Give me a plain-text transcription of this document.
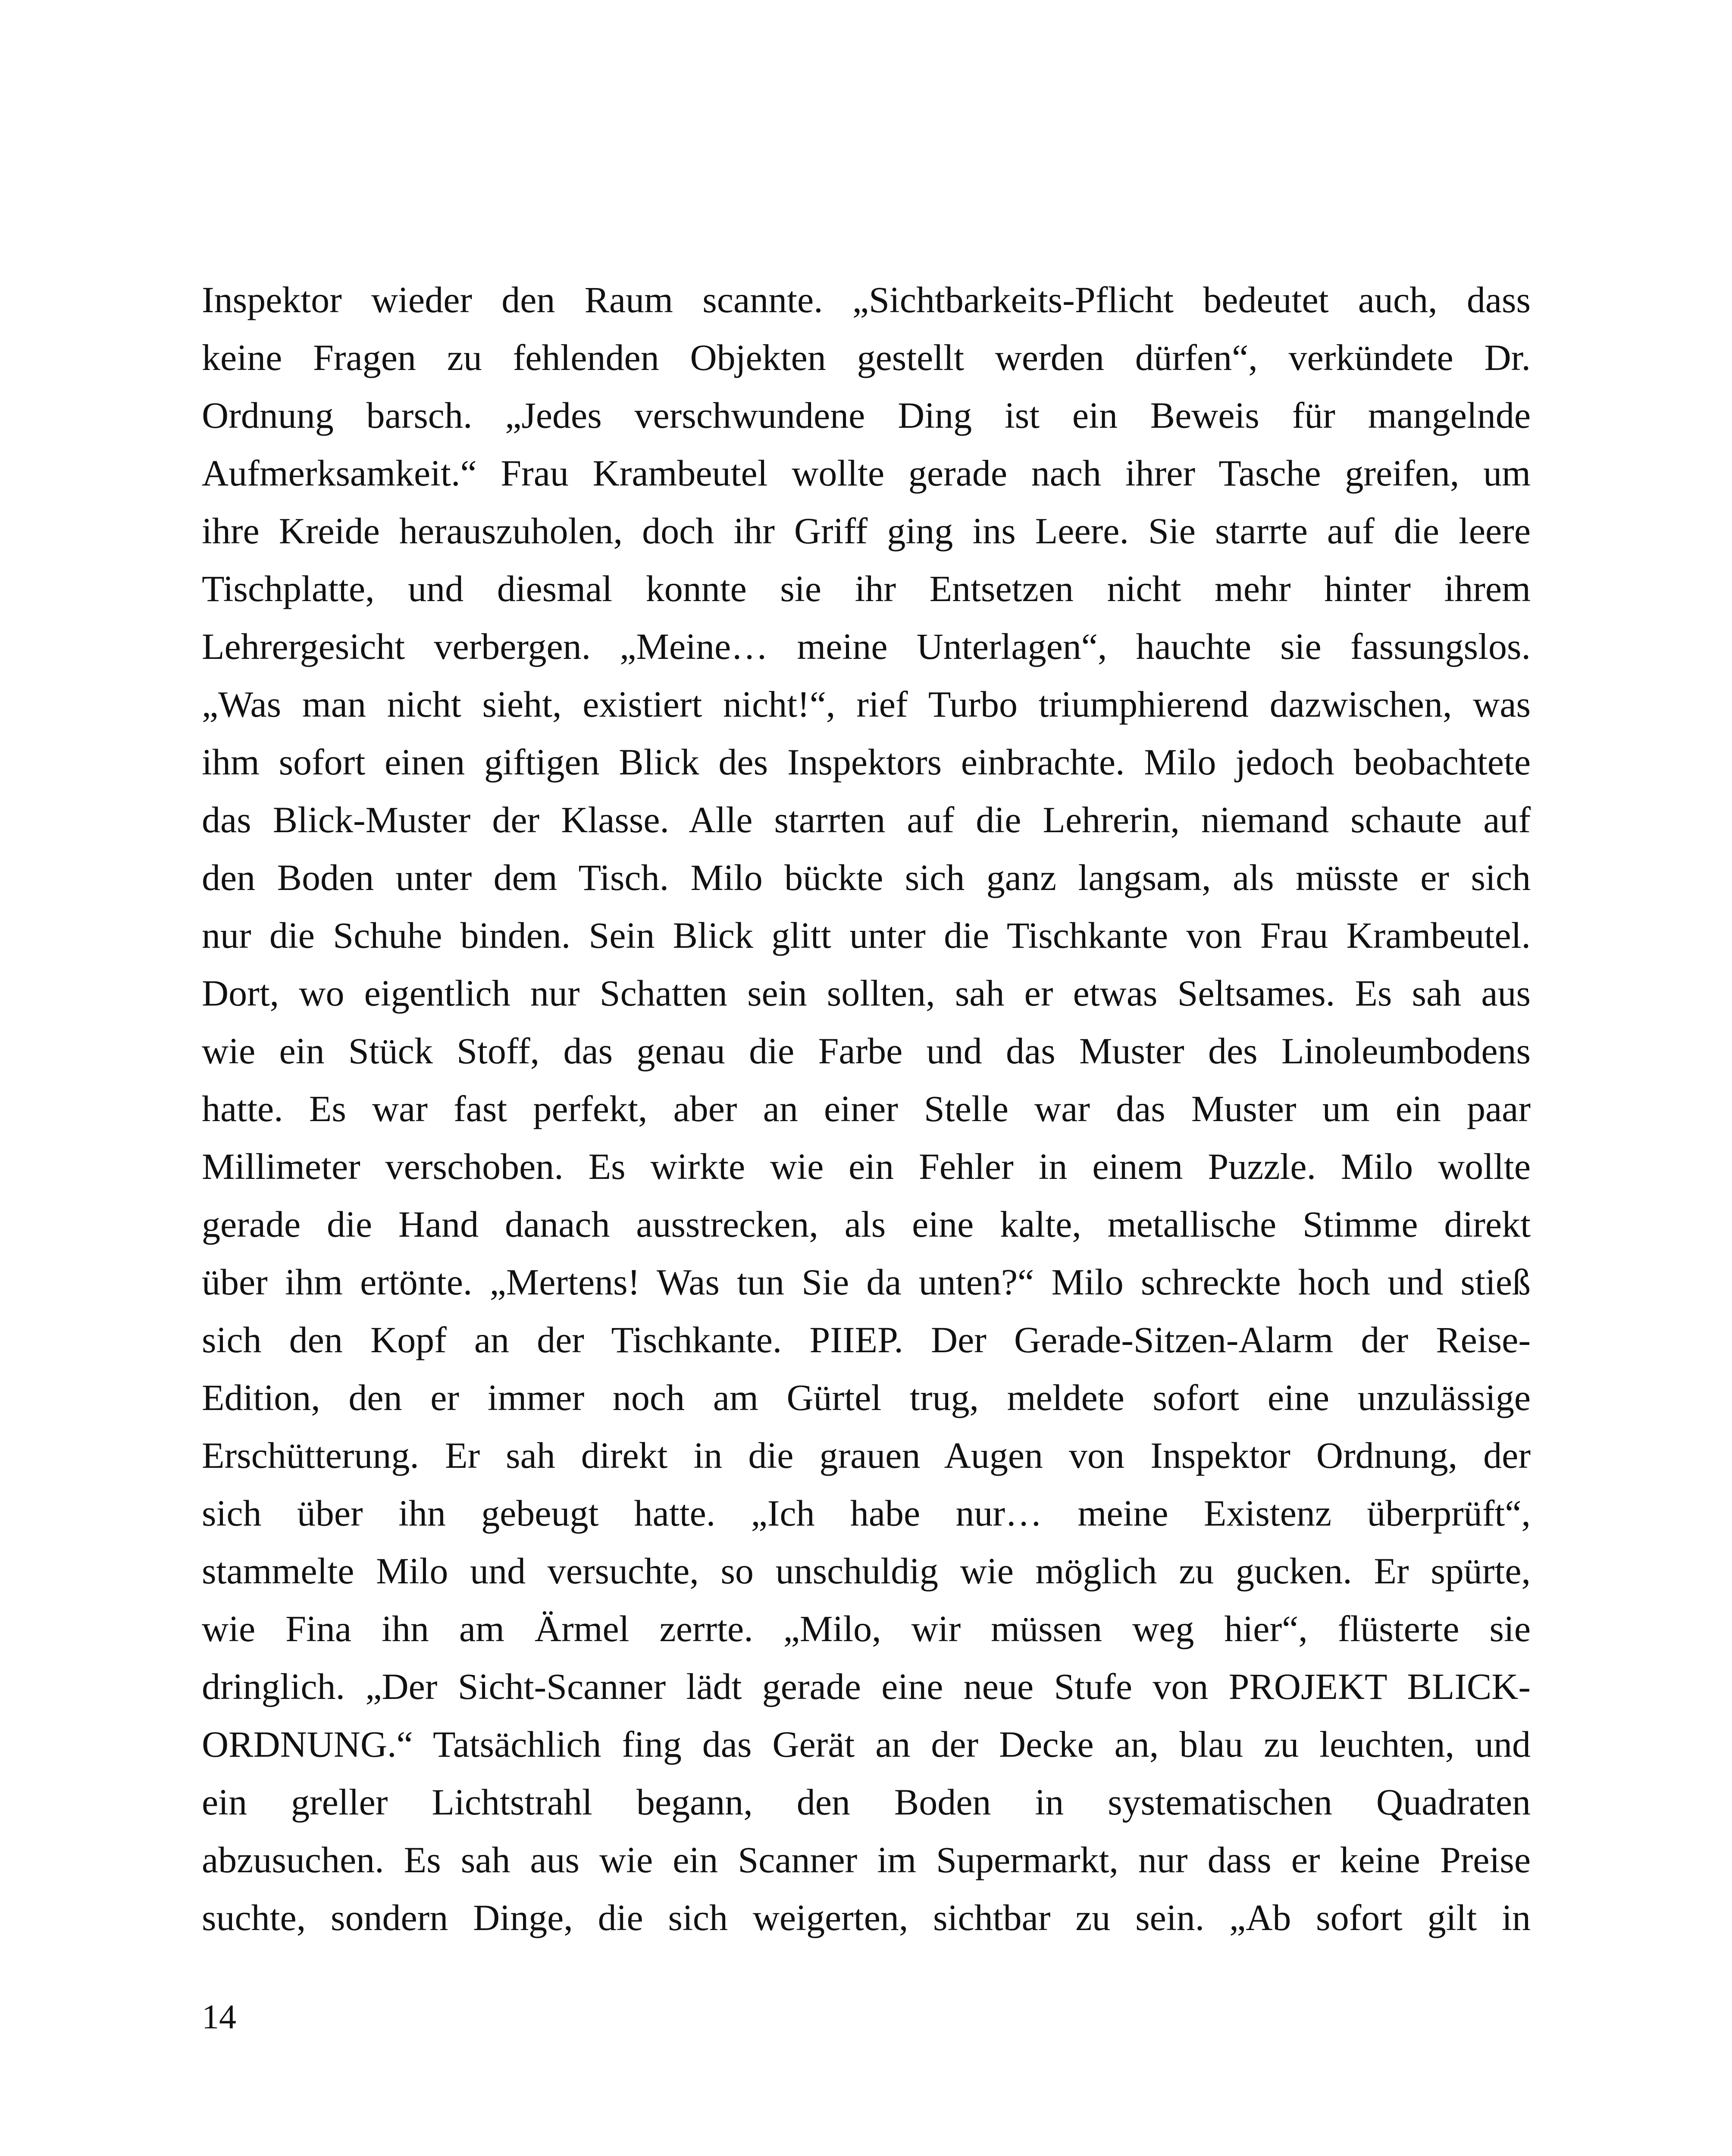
Inspektor wieder den Raum scannte. „Sichtbarkeits-Pflicht bedeutet auch, dass
keine Fragen zu fehlenden Objekten gestellt werden dürfen“, verkündete Dr.
Ordnung barsch. „Jedes verschwundene Ding ist ein Beweis für mangelnde
Aufmerksamkeit.“ Frau Krambeutel wollte gerade nach ihrer Tasche greifen, um
ihre Kreide herauszuholen, doch ihr Griff ging ins Leere. Sie starrte auf die leere
Tischplatte, und diesmal konnte sie ihr Entsetzen nicht mehr hinter ihrem
Lehrergesicht verbergen. „Meine… meine Unterlagen“, hauchte sie fassungslos.
„Was man nicht sieht, existiert nicht!“, rief Turbo triumphierend dazwischen, was
ihm sofort einen giftigen Blick des Inspektors einbrachte. Milo jedoch beobachtete
das Blick-Muster der Klasse. Alle starrten auf die Lehrerin, niemand schaute auf
den Boden unter dem Tisch. Milo bückte sich ganz langsam, als müsste er sich
nur die Schuhe binden. Sein Blick glitt unter die Tischkante von Frau Krambeutel.
Dort, wo eigentlich nur Schatten sein sollten, sah er etwas Seltsames. Es sah aus
wie ein Stück Stoff, das genau die Farbe und das Muster des Linoleumbodens
hatte. Es war fast perfekt, aber an einer Stelle war das Muster um ein paar
Millimeter verschoben. Es wirkte wie ein Fehler in einem Puzzle. Milo wollte
gerade die Hand danach ausstrecken, als eine kalte, metallische Stimme direkt
über ihm ertönte. „Mertens! Was tun Sie da unten?“ Milo schreckte hoch und stieß
sich den Kopf an der Tischkante. PIIEP. Der Gerade-Sitzen-Alarm der Reise-
Edition, den er immer noch am Gürtel trug, meldete sofort eine unzulässige
Erschütterung. Er sah direkt in die grauen Augen von Inspektor Ordnung, der
sich über ihn gebeugt hatte. „Ich habe nur… meine Existenz überprüft“,
stammelte Milo und versuchte, so unschuldig wie möglich zu gucken. Er spürte,
wie Fina ihn am Ärmel zerrte. „Milo, wir müssen weg hier“, flüsterte sie
dringlich. „Der Sicht-Scanner lädt gerade eine neue Stufe von PROJEKT BLICK-
ORDNUNG.“ Tatsächlich fing das Gerät an der Decke an, blau zu leuchten, und
ein greller Lichtstrahl begann, den Boden in systematischen Quadraten
abzusuchen. Es sah aus wie ein Scanner im Supermarkt, nur dass er keine Preise
suchte, sondern Dinge, die sich weigerten, sichtbar zu sein. „Ab sofort gilt in
14
